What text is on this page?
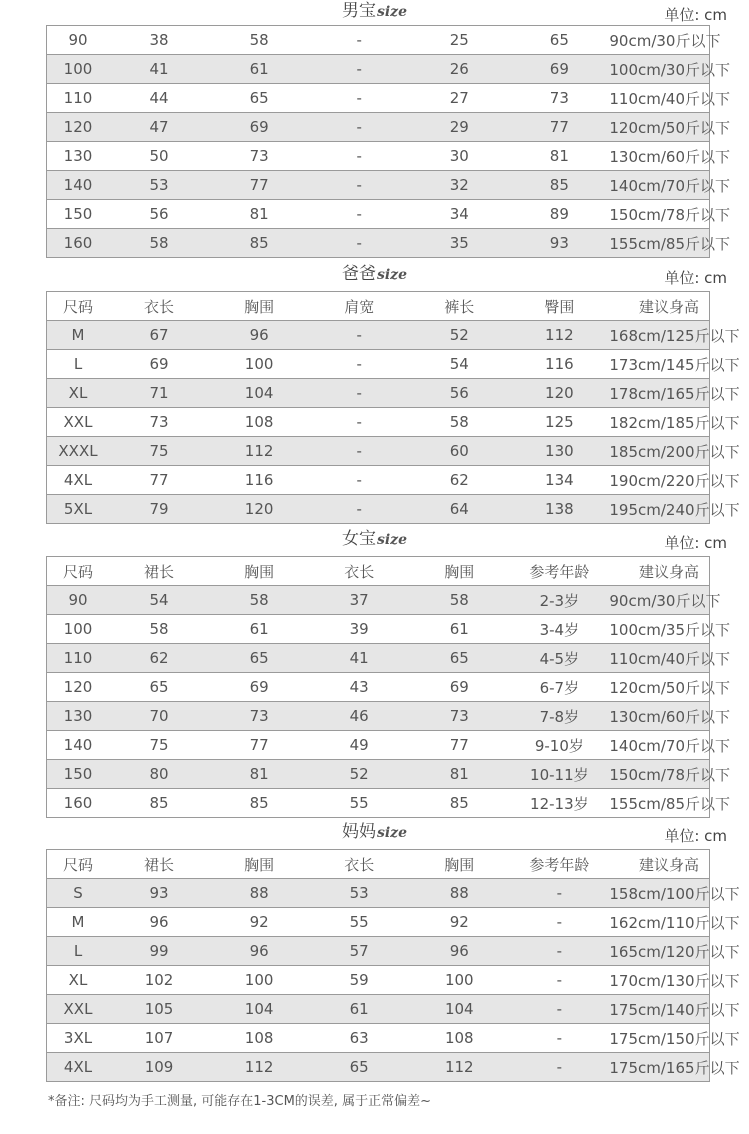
男宝size	单位: cm
90	38	58	-	25	65	90cm/30斤以下
100	41	61	-	26	69	100cm/30斤以下
110	44	65	-	27	73	110cm/40斤以下
120	47	69	-	29	77	120cm/50斤以下
130	50	73	-	30	81	130cm/60斤以下
140	53	77	-	32	85	140cm/70斤以下
150	56	81	-	34	89	150cm/78斤以下
160	58	85	-	35	93	155cm/85斤以下
爸爸size	单位: cm
尺码	衣长	胸围	肩宽	裤长	臀围	建议身高
M	67	96	-	52	112	168cm/125斤以下
L	69	100	-	54	116	173cm/145斤以下
XL	71	104	-	56	120	178cm/165斤以下
XXL	73	108	-	58	125	182cm/185斤以下
XXXL	75	112	-	60	130	185cm/200斤以下
4XL	77	116	-	62	134	190cm/220斤以下
5XL	79	120	-	64	138	195cm/240斤以下
女宝size	单位: cm
尺码	裙长	胸围	衣长	胸围	参考年龄	建议身高
90	54	58	37	58	2-3岁	90cm/30斤以下
100	58	61	39	61	3-4岁	100cm/35斤以下
110	62	65	41	65	4-5岁	110cm/40斤以下
120	65	69	43	69	6-7岁	120cm/50斤以下
130	70	73	46	73	7-8岁	130cm/60斤以下
140	75	77	49	77	9-10岁	140cm/70斤以下
150	80	81	52	81	10-11岁	150cm/78斤以下
160	85	85	55	85	12-13岁	155cm/85斤以下
妈妈size	单位: cm
尺码	裙长	胸围	衣长	胸围	参考年龄	建议身高
S	93	88	53	88	-	158cm/100斤以下
M	96	92	55	92	-	162cm/110斤以下
L	99	96	57	96	-	165cm/120斤以下
XL	102	100	59	100	-	170cm/130斤以下
XXL	105	104	61	104	-	175cm/140斤以下
3XL	107	108	63	108	-	175cm/150斤以下
4XL	109	112	65	112	-	175cm/165斤以下
*备注: 尺码均为手工测量, 可能存在1-3CM的误差, 属于正常偏差~
